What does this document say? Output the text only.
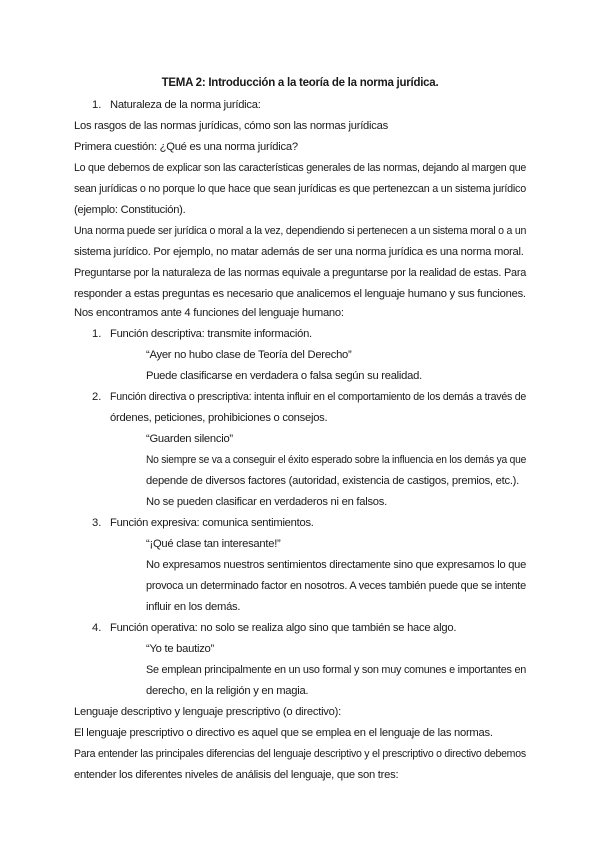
TEMA 2: Introducción a la teoría de la norma jurídica.
1. Naturaleza de la norma jurídica:
Los rasgos de las normas jurídicas, cómo son las normas jurídicas
Primera cuestión: ¿Qué es una norma jurídica?
Lo que debemos de explicar son las características generales de las normas, dejando al margen que
sean jurídicas o no porque lo que hace que sean jurídicas es que pertenezcan a un sistema jurídico
(ejemplo: Constitución).
Una norma puede ser jurídica o moral a la vez, dependiendo si pertenecen a un sistema moral o a un
sistema jurídico. Por ejemplo, no matar además de ser una norma jurídica es una norma moral.
Preguntarse por la naturaleza de las normas equivale a preguntarse por la realidad de estas. Para
responder a estas preguntas es necesario que analicemos el lenguaje humano y sus funciones.
Nos encontramos ante 4 funciones del lenguaje humano:
1. Función descriptiva: transmite información.
“Ayer no hubo clase de Teoría del Derecho”
Puede clasificarse en verdadera o falsa según su realidad.
2. Función directiva o prescriptiva: intenta influir en el comportamiento de los demás a través de
órdenes, peticiones, prohibiciones o consejos.
“Guarden silencio”
No siempre se va a conseguir el éxito esperado sobre la influencia en los demás ya que
depende de diversos factores (autoridad, existencia de castigos, premios, etc.).
No se pueden clasificar en verdaderos ni en falsos.
3. Función expresiva: comunica sentimientos.
“¡Qué clase tan interesante!”
No expresamos nuestros sentimientos directamente sino que expresamos lo que
provoca un determinado factor en nosotros. A veces también puede que se intente
influir en los demás.
4. Función operativa: no solo se realiza algo sino que también se hace algo.
“Yo te bautizo”
Se emplean principalmente en un uso formal y son muy comunes e importantes en
derecho, en la religión y en magia.
Lenguaje descriptivo y lenguaje prescriptivo (o directivo):
El lenguaje prescriptivo o directivo es aquel que se emplea en el lenguaje de las normas.
Para entender las principales diferencias del lenguaje descriptivo y el prescriptivo o directivo debemos
entender los diferentes niveles de análisis del lenguaje, que son tres:
